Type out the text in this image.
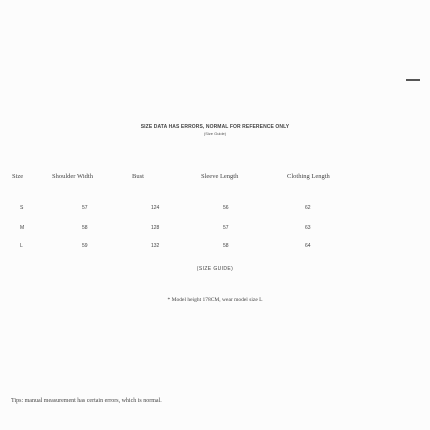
SIZE DATA HAS ERRORS, NORMAL FOR REFERENCE ONLY
(Size Guide)
Size	Shoulder Width	Bust	Sleeve Length	Clothing Length
S	57	124	56	62
M	58	128	57	63
L	59	132	58	64
(SIZE GUIDE)
* Model height 178CM, wear model size L
Tips: manual measurement has certain errors, which is normal.
